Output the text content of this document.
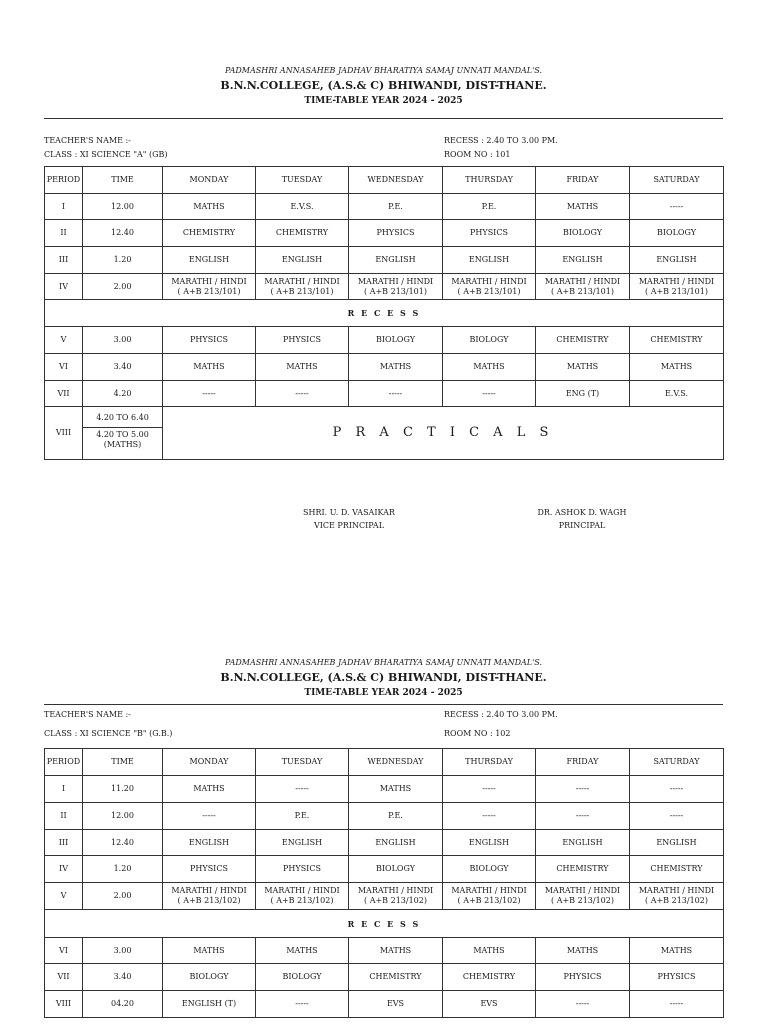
PADMASHRI ANNASAHEB JADHAV BHARATIYA SAMAJ UNNATI MANDAL'S.
B.N.N.COLLEGE, (A.S.& C) BHIWANDI, DIST-THANE.
TIME-TABLE YEAR 2024 - 2025
TEACHER'S NAME :-
CLASS : XI SCIENCE "A" (GB)
RECESS : 2.40 TO 3.00 PM.
ROOM NO : 101
PERIOD	TIME	MONDAY	TUESDAY	WEDNESDAY	THURSDAY	FRIDAY	SATURDAY
I	12.00	MATHS	E.V.S.	P.E.	P.E.	MATHS	-----
II	12.40	CHEMISTRY	CHEMISTRY	PHYSICS	PHYSICS	BIOLOGY	BIOLOGY
III	1.20	ENGLISH	ENGLISH	ENGLISH	ENGLISH	ENGLISH	ENGLISH
IV	2.00	MARATHI / HINDI
( A+B 213/101)	MARATHI / HINDI
( A+B 213/101)	MARATHI / HINDI
( A+B 213/101)	MARATHI / HINDI
( A+B 213/101)	MARATHI / HINDI
( A+B 213/101)	MARATHI / HINDI
( A+B 213/101)

R E C E S S							
V	3.00	PHYSICS	PHYSICS	BIOLOGY	BIOLOGY	CHEMISTRY	CHEMISTRY
VI	3.40	MATHS	MATHS	MATHS	MATHS	MATHS	MATHS
VII	4.20	-----	-----	-----	-----	ENG (T)	E.V.S.
VIII	4.20 TO 6.40
4.20 TO 5.00
(MATHS)	P R A C T I C A L S					
SHRI. U. D. VASAIKAR
VICE PRINCIPAL
DR. ASHOK D. WAGH
PRINCIPAL
PADMASHRI ANNASAHEB JADHAV BHARATIYA SAMAJ UNNATI MANDAL'S.
B.N.N.COLLEGE, (A.S.& C) BHIWANDI, DIST-THANE.
TIME-TABLE YEAR 2024 - 2025
TEACHER'S NAME :-
CLASS : XI SCIENCE "B" (G.B.)
RECESS : 2.40 TO 3.00 PM.
ROOM NO : 102
PERIOD	TIME	MONDAY	TUESDAY	WEDNESDAY	THURSDAY	FRIDAY	SATURDAY
I	11.20	MATHS	-----	MATHS	-----	-----	-----
II	12.00	-----	P.E.	P.E.	-----	-----	-----
III	12.40	ENGLISH	ENGLISH	ENGLISH	ENGLISH	ENGLISH	ENGLISH
IV	1.20	PHYSICS	PHYSICS	BIOLOGY	BIOLOGY	CHEMISTRY	CHEMISTRY
V	2.00	MARATHI / HINDI
( A+B 213/102)	MARATHI / HINDI
( A+B 213/102)	MARATHI / HINDI
( A+B 213/102)	MARATHI / HINDI
( A+B 213/102)	MARATHI / HINDI
( A+B 213/102)	MARATHI / HINDI
( A+B 213/102)

R E C E S S							
VI	3.00	MATHS	MATHS	MATHS	MATHS	MATHS	MATHS
VII	3.40	BIOLOGY	BIOLOGY	CHEMISTRY	CHEMISTRY	PHYSICS	PHYSICS
VIII	04.20	ENGLISH (T)	-----	EVS	EVS	-----	-----
